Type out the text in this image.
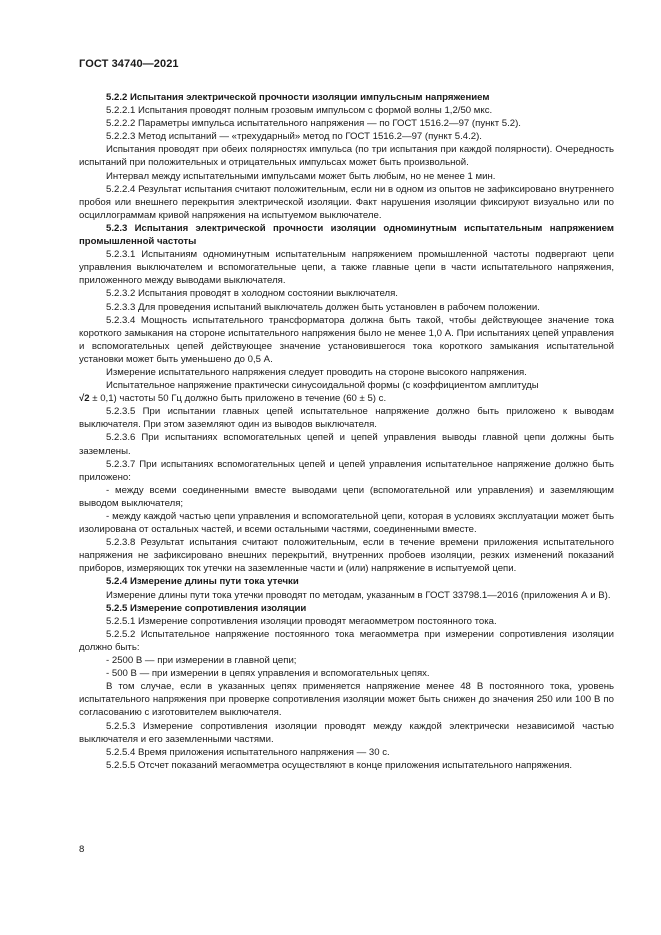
ГОСТ 34740—2021

5.2.2 Испытания электрической прочности изоляции импульсным напряжением

5.2.2.1 Испытания проводят полным грозовым импульсом с формой волны 1,2/50 мкс.

5.2.2.2 Параметры импульса испытательного напряжения — по ГОСТ 1516.2—97 (пункт 5.2).

5.2.2.3 Метод испытаний — «трехударный» метод по ГОСТ 1516.2—97 (пункт 5.4.2).

Испытания проводят при обеих полярностях импульса (по три испытания при каждой полярности). Очередность испытаний при положительных и отрицательных импульсах может быть произвольной.

Интервал между испытательными импульсами может быть любым, но не менее 1 мин.

5.2.2.4 Результат испытания считают положительным, если ни в одном из опытов не зафиксировано внутреннего пробоя или внешнего перекрытия электрической изоляции. Факт нарушения изоляции фиксируют визуально или по осциллограммам кривой напряжения на испытуемом выключателе.

5.2.3 Испытания электрической прочности изоляции одноминутным испытательным напряжением промышленной частоты

5.2.3.1 Испытаниям одноминутным испытательным напряжением промышленной частоты подвергают цепи управления выключателем и вспомогательные цепи, а также главные цепи в части испытательного напряжения, приложенного между выводами выключателя.

5.2.3.2 Испытания проводят в холодном состоянии выключателя.

5.2.3.3 Для проведения испытаний выключатель должен быть установлен в рабочем положении.

5.2.3.4 Мощность испытательного трансформатора должна быть такой, чтобы действующее значение тока короткого замыкания на стороне испытательного напряжения было не менее 1,0 А. При испытаниях цепей управления и вспомогательных цепей действующее значение установившегося тока короткого замыкания испытательной установки может быть уменьшено до 0,5 А.

Измерение испытательного напряжения следует проводить на стороне высокого напряжения.

Испытательное напряжение практически синусоидальной формы (с коэффициентом амплитуды
√2 ± 0,1) частоты 50 Гц должно быть приложено в течение (60 ± 5) с.

5.2.3.5 При испытании главных цепей испытательное напряжение должно быть приложено к выводам выключателя. При этом заземляют один из выводов выключателя.

5.2.3.6 При испытаниях вспомогательных цепей и цепей управления выводы главной цепи должны быть заземлены.

5.2.3.7 При испытаниях вспомогательных цепей и цепей управления испытательное напряжение должно быть приложено:

- между всеми соединенными вместе выводами цепи (вспомогательной или управления) и заземляющим выводом выключателя;

- между каждой частью цепи управления и вспомогательной цепи, которая в условиях эксплуатации может быть изолирована от остальных частей, и всеми остальными частями, соединенными вместе.

5.2.3.8 Результат испытания считают положительным, если в течение времени приложения испытательного напряжения не зафиксировано внешних перекрытий, внутренних пробоев изоляции, резких изменений показаний приборов, измеряющих ток утечки на заземленные части и (или) напряжение в испытуемой цепи.

5.2.4 Измерение длины пути тока утечки

Измерение длины пути тока утечки проводят по методам, указанным в ГОСТ 33798.1—2016 (приложения А и В).

5.2.5 Измерение сопротивления изоляции

5.2.5.1 Измерение сопротивления изоляции проводят мегаомметром постоянного тока.

5.2.5.2 Испытательное напряжение постоянного тока мегаомметра при измерении сопротивления изоляции должно быть:

- 2500 В — при измерении в главной цепи;

- 500 В — при измерении в цепях управления и вспомогательных цепях.

В том случае, если в указанных цепях применяется напряжение менее 48 В постоянного тока, уровень испытательного напряжения при проверке сопротивления изоляции может быть снижен до значения 250 или 100 В по согласованию с изготовителем выключателя.

5.2.5.3 Измерение сопротивления изоляции проводят между каждой электрически независимой частью выключателя и его заземленными частями.

5.2.5.4 Время приложения испытательного напряжения — 30 с.

5.2.5.5 Отсчет показаний мегаомметра осуществляют в конце приложения испытательного напряжения.

8
